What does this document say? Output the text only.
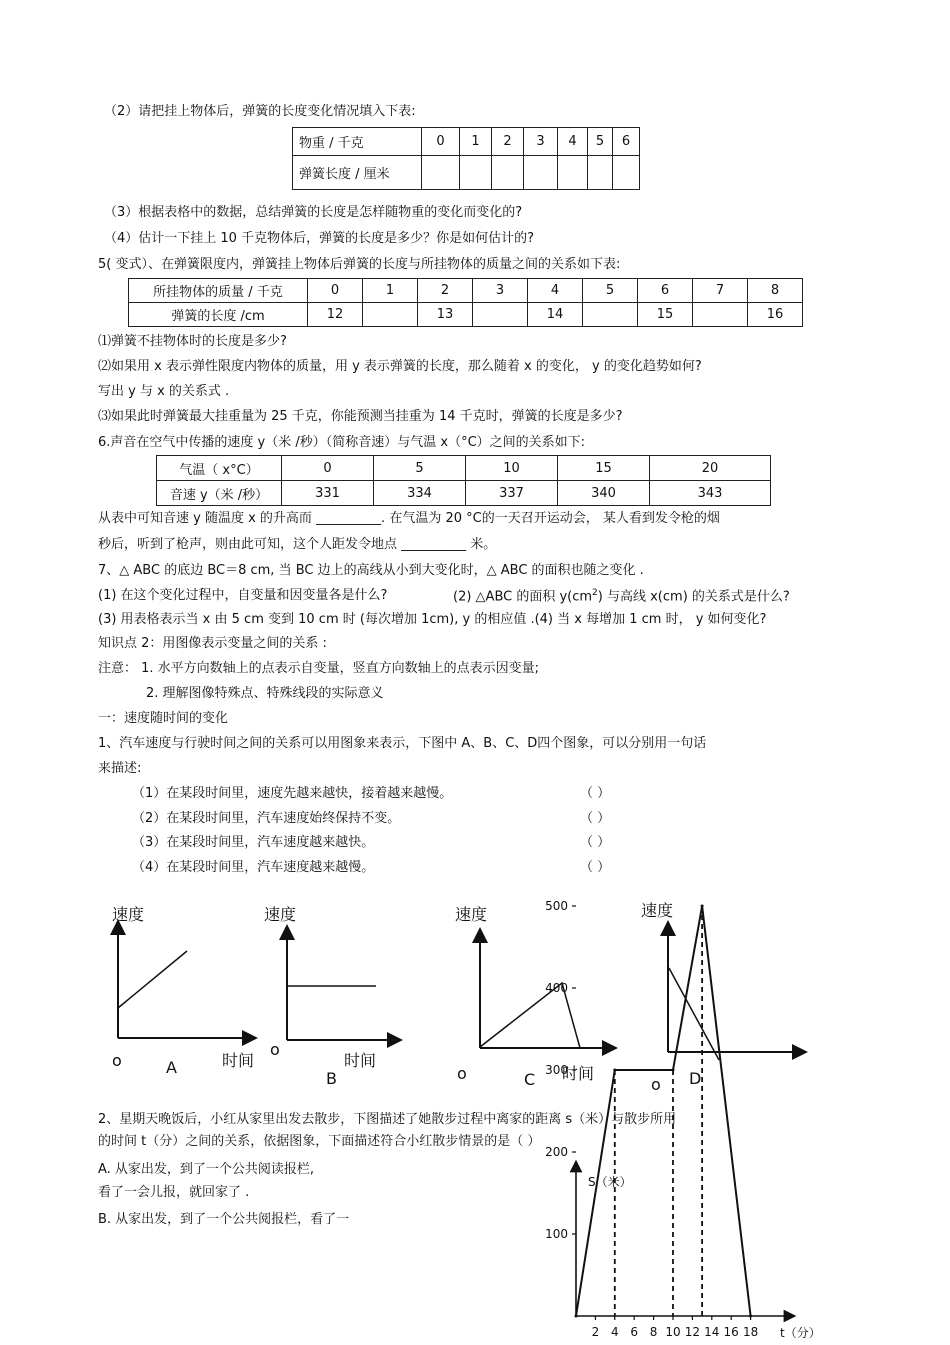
（2）请把挂上物体后，弹簧的长度变化情况填入下表:
物重 / 千克	0	1	2	3	4	5	6
弹簧长度 / 厘米							
（3）根据表格中的数据，总结弹簧的长度是怎样随物重的变化而变化的?
（4）估计一下挂上 10 千克物体后，弹簧的长度是多少？你是如何估计的?
5( 变式）、在弹簧限度内，弹簧挂上物体后弹簧的长度与所挂物体的质量之间的关系如下表:
所挂物体的质量 / 千克	0	1	2	3	4	5	6	7	8
弹簧的长度 /cm	12		13		14		15		16
⑴弹簧不挂物体时的长度是多少?
⑵如果用 x 表示弹性限度内物体的质量，用 y 表示弹簧的长度，那么随着 x 的变化， y 的变化趋势如何?
写出 y 与 x 的关系式 .
⑶如果此时弹簧最大挂重量为 25 千克，你能预测当挂重为 14 千克时，弹簧的长度是多少?
6.声音在空气中传播的速度 y（米 /秒）（简称音速）与气温 x（°C）之间的关系如下:
气温（ x°C）	0	5	10	15	20
音速 y（米 /秒）	331	334	337	340	343
从表中可知音速 y 随温度 x 的升高而 __________. 在气温为 20 °C的一天召开运动会， 某人看到发令枪的烟
秒后，听到了枪声，则由此可知，这个人距发令地点 __________ 米。
7、△ ABC 的底边 BC＝8 cm, 当 BC 边上的高线从小到大变化时，△ ABC 的面积也随之变化 .
(1) 在这个变化过程中，自变量和因变量各是什么?	(2) △ABC 的面积 $y(cm^2)$ 与高线 x(cm) 的关系式是什么?
(3) 用表格表示当 x 由 5 cm 变到 10 cm 时 (每次增加 1cm), y 的相应值 .(4) 当 x 每增加 1 cm 时， y 如何变化?
知识点 2：用图像表示变量之间的关系 :
注意： 1. 水平方向数轴上的点表示自变量，竖直方向数轴上的点表示因变量;
2. 理解图像特殊点、特殊线段的实际意义
一：速度随时间的变化
1、汽车速度与行驶时间之间的关系可以用图象来表示，下图中 A、B、C、D四个图象，可以分别用一句话
来描述:
（1）在某段时间里，速度先越来越快，接着越来越慢。	（ ）
（2）在某段时间里，汽车速度始终保持不变。	（ ）
（3）在某段时间里，汽车速度越来越快。	（ ）
（4）在某段时间里，汽车速度越来越慢。	（ ）
速度
o	A	时间
速度
o
B
时间
速度
o	C 时间
速度
o D
2、星期天晚饭后，小红从家里出发去散步，下图描述了她散步过程中离家的距离 s（米）与散步所用
的时间 t（分）之间的关系，依据图象，下面描述符合小红散步情景的是（ ）
A. 从家出发，到了一个公共阅读报栏,
看了一会儿报，就回家了 .
B. 从家出发，到了一个公共阅报栏，看了一
100
200
300
400
500
2 4 6 8 10 12 14 16 18
S（米）
t（分）
